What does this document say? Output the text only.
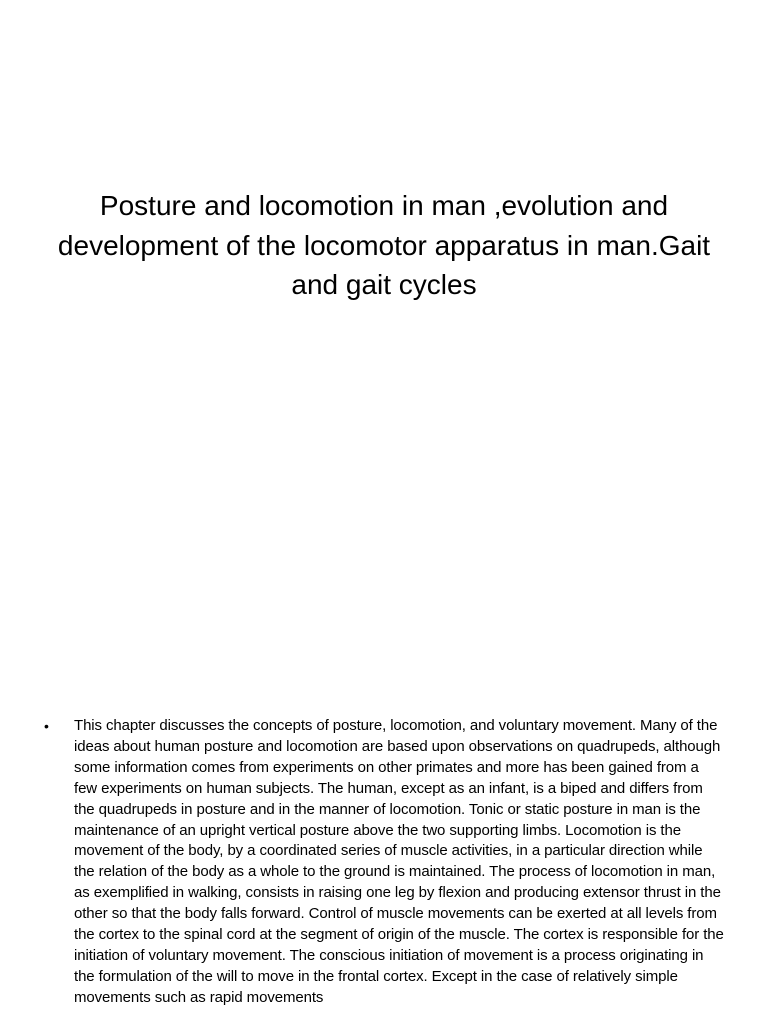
Posture and locomotion in man ,evolution and development of the locomotor apparatus in man.Gait and gait cycles
• This chapter discusses the concepts of posture, locomotion, and voluntary movement. Many of the ideas about human posture and locomotion are based upon observations on quadrupeds, although some information comes from experiments on other primates and more has been gained from a few experiments on human subjects. The human, except as an infant, is a biped and differs from the quadrupeds in posture and in the manner of locomotion. Tonic or static posture in man is the maintenance of an upright vertical posture above the two supporting limbs. Locomotion is the movement of the body, by a coordinated series of muscle activities, in a particular direction while the relation of the body as a whole to the ground is maintained. The process of locomotion in man, as exemplified in walking, consists in raising one leg by flexion and producing extensor thrust in the other so that the body falls forward. Control of muscle movements can be exerted at all levels from the cortex to the spinal cord at the segment of origin of the muscle. The cortex is responsible for the initiation of voluntary movement. The conscious initiation of movement is a process originating in the formulation of the will to move in the frontal cortex. Except in the case of relatively simple movements such as rapid movements
